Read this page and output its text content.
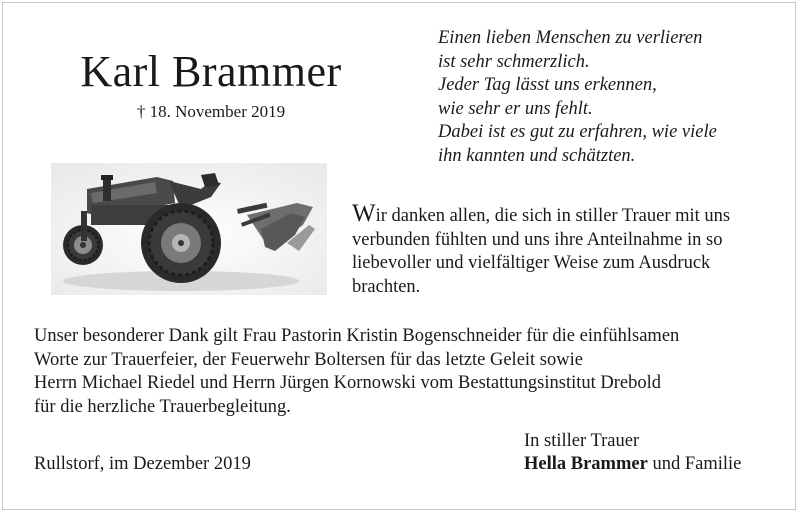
Karl Brammer
† 18. November 2019
Einen lieben Menschen zu verlieren
ist sehr schmerzlich.
Jeder Tag lässt uns erkennen,
wie sehr er uns fehlt.
Dabei ist es gut zu erfahren, wie viele
ihn kannten und schätzten.
Wir danken allen, die sich in stiller Trauer mit uns
verbunden fühlten und uns ihre Anteilnahme in so
liebevoller und vielfältiger Weise zum Ausdruck
brachten.
Unser besonderer Dank gilt Frau Pastorin Kristin Bogenschneider für die einfühlsamen
Worte zur Trauerfeier, der Feuerwehr Boltersen für das letzte Geleit sowie
Herrn Michael Riedel und Herrn Jürgen Kornowski vom Bestattungsinstitut Drebold
für die herzliche Trauerbegleitung.
Rullstorf, im Dezember 2019
In stiller Trauer
Hella Brammer und Familie
